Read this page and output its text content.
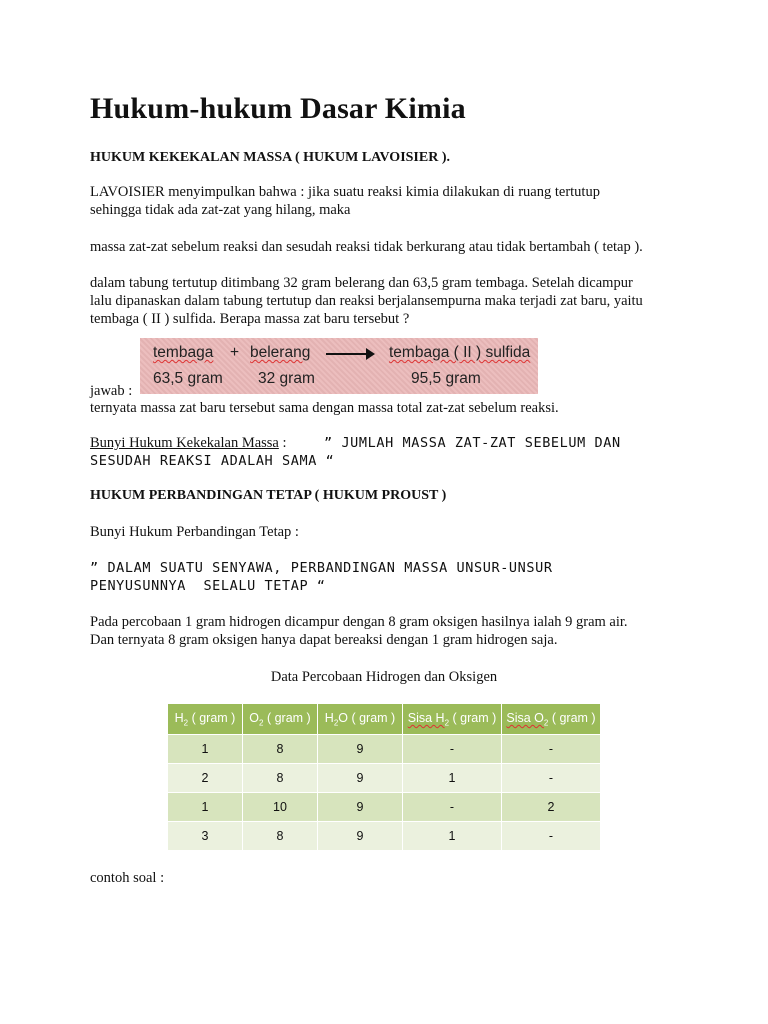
Hukum-hukum Dasar Kimia
HUKUM KEKEKALAN MASSA ( HUKUM LAVOISIER ).
LAVOISIER menyimpulkan bahwa : jika suatu reaksi kimia dilakukan di ruang tertutup
sehingga tidak ada zat-zat yang hilang, maka
massa zat-zat sebelum reaksi dan sesudah reaksi tidak berkurang atau tidak bertambah ( tetap ).
dalam tabung tertutup ditimbang 32 gram belerang dan 63,5 gram tembaga. Setelah dicampur
lalu dipanaskan dalam tabung tertutup dan reaksi berjalansempurna maka terjadi zat baru, yaitu
tembaga ( II ) sulfida. Berapa massa zat baru tersebut ?
tembaga + belerang	tembaga ( II ) sulfida
63,5 gram 32 gram	95,5 gram
jawab :
ternyata massa zat baru tersebut sama dengan massa total zat-zat sebelum reaksi.
Bunyi Hukum Kekekalan Massa :	” JUMLAH MASSA ZAT-ZAT SEBELUM DAN
SESUDAH REAKSI ADALAH SAMA “
HUKUM PERBANDINGAN TETAP ( HUKUM PROUST )
Bunyi Hukum Perbandingan Tetap :
” DALAM SUATU SENYAWA, PERBANDINGAN MASSA UNSUR-UNSUR
PENYUSUNNYA  SELALU TETAP “
Pada percobaan 1 gram hidrogen dicampur dengan 8 gram oksigen hasilnya ialah 9 gram air.
Dan ternyata 8 gram oksigen hanya dapat bereaksi dengan 1 gram hidrogen saja.
Data Percobaan Hidrogen dan Oksigen
$H_2$ ( gram )	$O_2$ ( gram )	$H_2O$ ( gram )	Sisa $H_2$ ( gram )	Sisa $O_2$ ( gram )
1	8	9	-	-
2	8	9	1	-
1	10	9	-	2
3	8	9	1	-
contoh soal :
